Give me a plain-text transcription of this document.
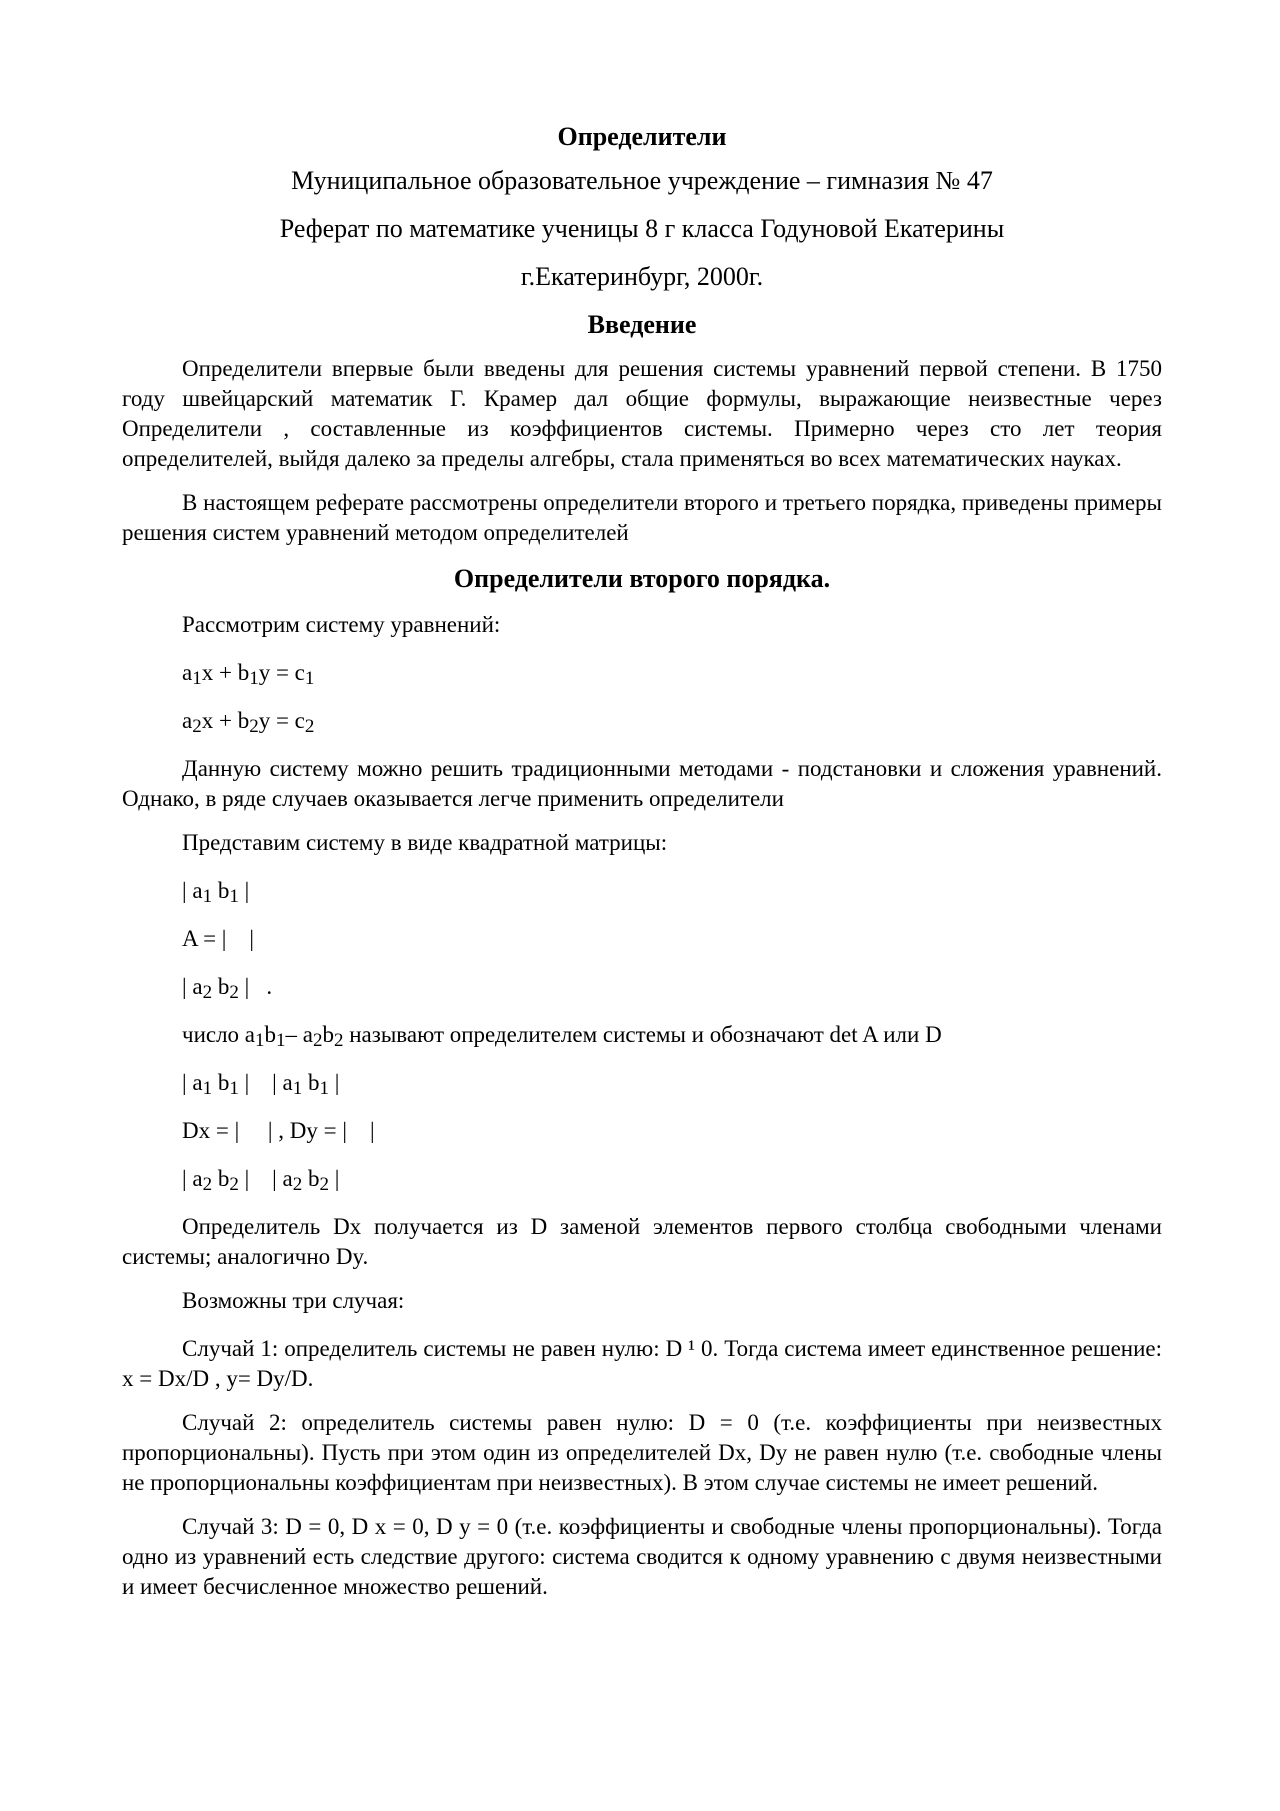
Определители
Муниципальное образовательное учреждение – гимназия № 47
Реферат по математике ученицы 8 г класса Годуновой Екатерины
г.Екатеринбург, 2000г.
Введение

Определители впервые были введены для решения системы уравнений первой степени. В 1750 году швейцарский математик Г. Крамер дал общие формулы, выражающие неизвестные через Определители , составленные из коэффициентов системы. Примерно через сто лет теория определителей, выйдя далеко за пределы алгебры, стала применяться во всех математических науках.

В настоящем реферате рассмотрены определители второго и третьего порядка, приведены примеры решения систем уравнений методом определителей

Определители второго порядка.
Рассмотрим систему уравнений:
$a_1x + b_1y = c_1$
$a_2x + b_2y = c_2$

Данную систему можно решить традиционными методами - подстановки и сложения уравнений. Однако, в ряде случаев оказывается легче применить определители

Представим систему в виде квадратной матрицы:
| $a_1$ $b_1$ |
A = |    |
| $a_2$ $b_2$ |   .
число $a_1b_1-$ $a_2b_2$ называют определителем системы и обозначают det A или D
| $a_1$ $b_1$ |    | $a_1$ $b_1$ |
Dx = |     | , Dy = |    |
| $a_2$ $b_2$ |    | $a_2$ $b_2$ |

Определитель Dx получается из D заменой элементов первого столбца свободными членами системы; аналогично Dy.

Возможны три случая:

Случай 1: определитель системы не равен нулю: D ¹ 0. Тогда система имеет единственное решение: x = Dx/D , y= Dy/D.

Случай 2: определитель системы равен нулю: D = 0 (т.е. коэффициенты при неизвестных пропорциональны). Пусть при этом один из определителей Dx, Dy не равен нулю (т.е. свободные члены не пропорциональны коэффициентам при неизвестных). В этом случае системы не имеет решений.

Случай 3: D = 0, D x = 0, D y = 0 (т.е. коэффициенты и свободные члены пропорциональны). Тогда одно из уравнений есть следствие другого: система сводится к одному уравнению с двумя неизвестными и имеет бесчисленное множество решений.
